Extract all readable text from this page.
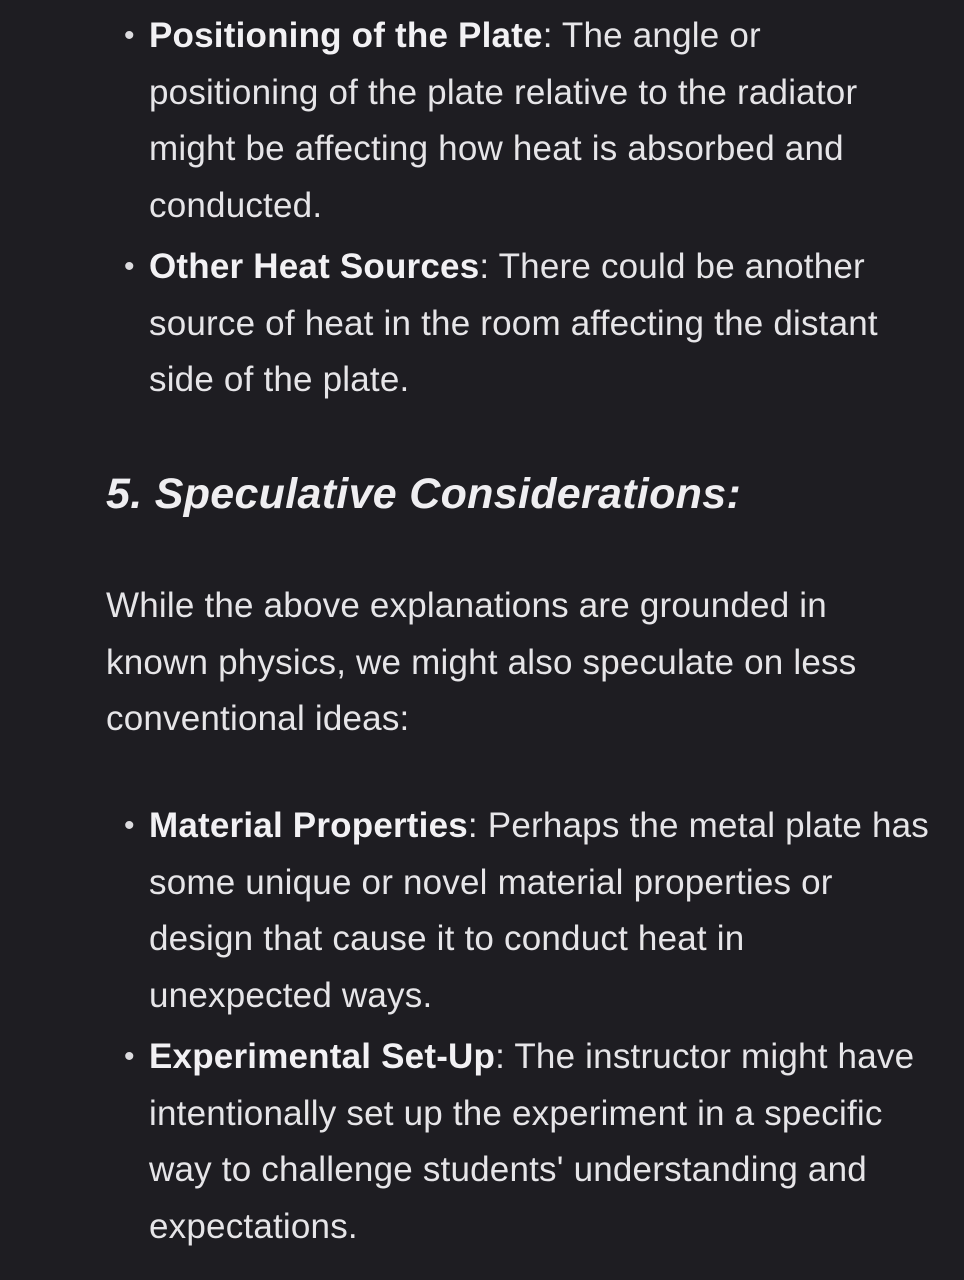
• Positioning of the Plate: The angle or positioning of the plate relative to the radiator might be affecting how heat is absorbed and conducted.
• Other Heat Sources: There could be another source of heat in the room affecting the distant side of the plate.
5. Speculative Considerations:

While the above explanations are grounded in known physics, we might also speculate on less conventional ideas:

• Material Properties: Perhaps the metal plate has some unique or novel material properties or design that cause it to conduct heat in unexpected ways.
• Experimental Set-Up: The instructor might have intentionally set up the experiment in a specific way to challenge students' understanding and expectations.
